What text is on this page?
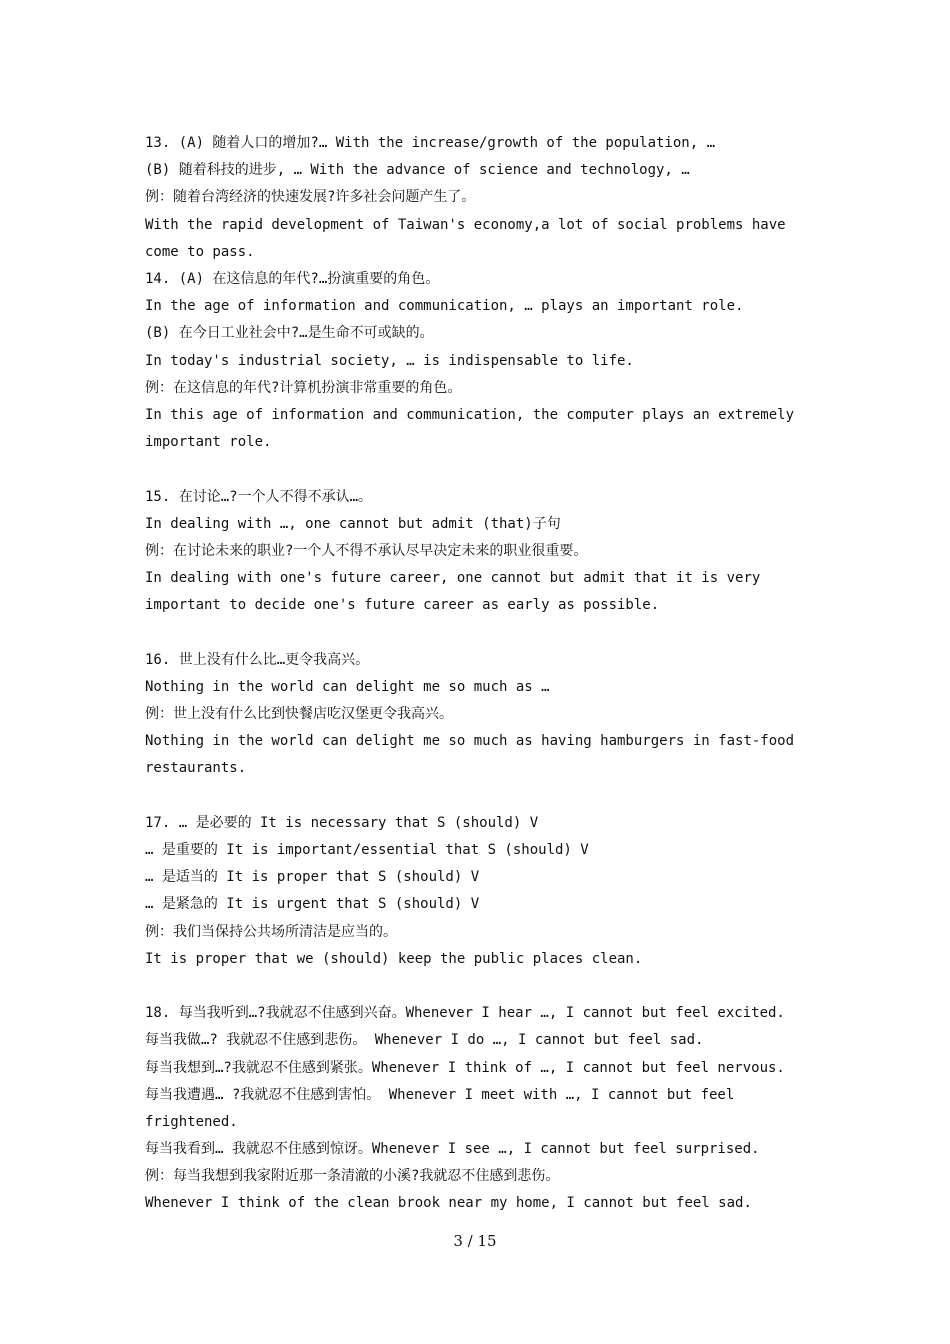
13. (A) 随着人口的增加?… With the increase/growth of the population, …
(B) 随着科技的进步, … With the advance of science and technology, …
例：随着台湾经济的快速发展?许多社会问题产生了。
With the rapid development of Taiwan's economy,a lot of social problems have come to pass.
14. (A) 在这信息的年代?…扮演重要的角色。
In the age of information and communication, … plays an important role.
(B) 在今日工业社会中?…是生命不可或缺的。
In today's industrial society, … is indispensable to life.
例：在这信息的年代?计算机扮演非常重要的角色。
In this age of information and communication, the computer plays an extremely important role.
15. 在讨论…?一个人不得不承认…。
In dealing with …, one cannot but admit (that)子句
例：在讨论未来的职业?一个人不得不承认尽早决定未来的职业很重要。
In dealing with one's future career, one cannot but admit that it is very important to decide one's future career as early as possible.
16. 世上没有什么比…更令我高兴。
Nothing in the world can delight me so much as …
例：世上没有什么比到快餐店吃汉堡更令我高兴。
Nothing in the world can delight me so much as having hamburgers in fast-food restaurants.
17. … 是必要的 It is necessary that S (should) V
… 是重要的 It is important/essential that S (should) V
… 是适当的 It is proper that S (should) V
… 是紧急的 It is urgent that S (should) V
例：我们当保持公共场所清洁是应当的。
It is proper that we (should) keep the public places clean.
18. 每当我听到…?我就忍不住感到兴奋。Whenever I hear …, I cannot but feel excited.
每当我做…? 我就忍不住感到悲伤。 Whenever I do …, I cannot but feel sad.
每当我想到…?我就忍不住感到紧张。Whenever I think of …, I cannot but feel nervous.
每当我遭遇… ?我就忍不住感到害怕。 Whenever I meet with …, I cannot but feel frightened.
每当我看到… 我就忍不住感到惊讶。Whenever I see …, I cannot but feel surprised.
例：每当我想到我家附近那一条清澈的小溪?我就忍不住感到悲伤。
Whenever I think of the clean brook near my home, I cannot but feel sad.
3 / 15
